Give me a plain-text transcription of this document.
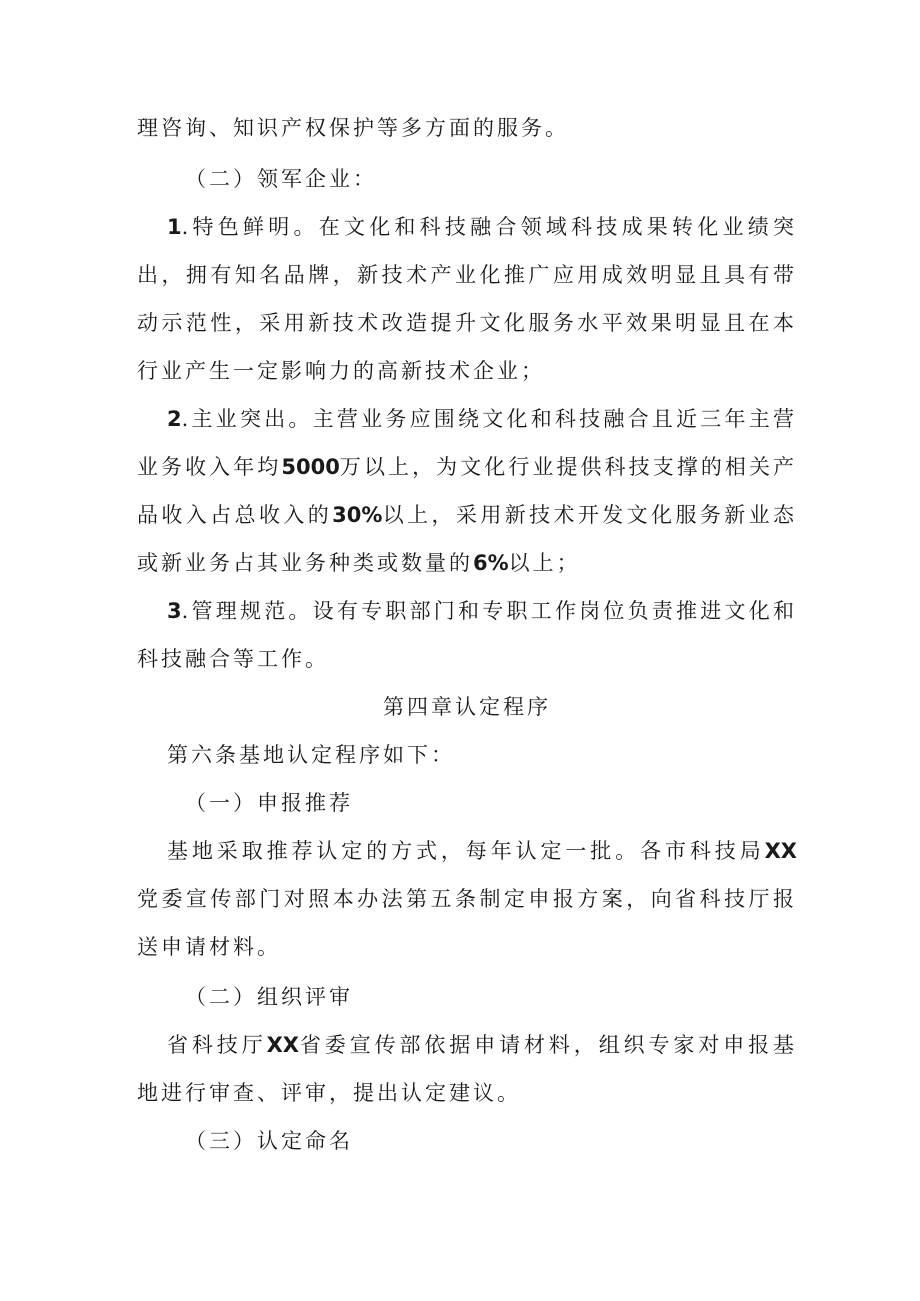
理咨询、知识产权保护等多方面的服务。

（二）领军企业：

1.特色鲜明。在文化和科技融合领域科技成果转化业绩突出，拥有知名品牌，新技术产业化推广应用成效明显且具有带动示范性，采用新技术改造提升文化服务水平效果明显且在本行业产生一定影响力的高新技术企业；

2.主业突出。主营业务应围绕文化和科技融合且近三年主营业务收入年均5000万以上，为文化行业提供科技支撑的相关产品收入占总收入的30%以上，采用新技术开发文化服务新业态或新业务占其业务种类或数量的6%以上；

3.管理规范。设有专职部门和专职工作岗位负责推进文化和科技融合等工作。

第四章认定程序

第六条基地认定程序如下：

（一）申报推荐

基地采取推荐认定的方式，每年认定一批。各市科技局XX党委宣传部门对照本办法第五条制定申报方案，向省科技厅报送申请材料。

（二）组织评审

省科技厅XX省委宣传部依据申请材料，组织专家对申报基地进行审查、评审，提出认定建议。

（三）认定命名
